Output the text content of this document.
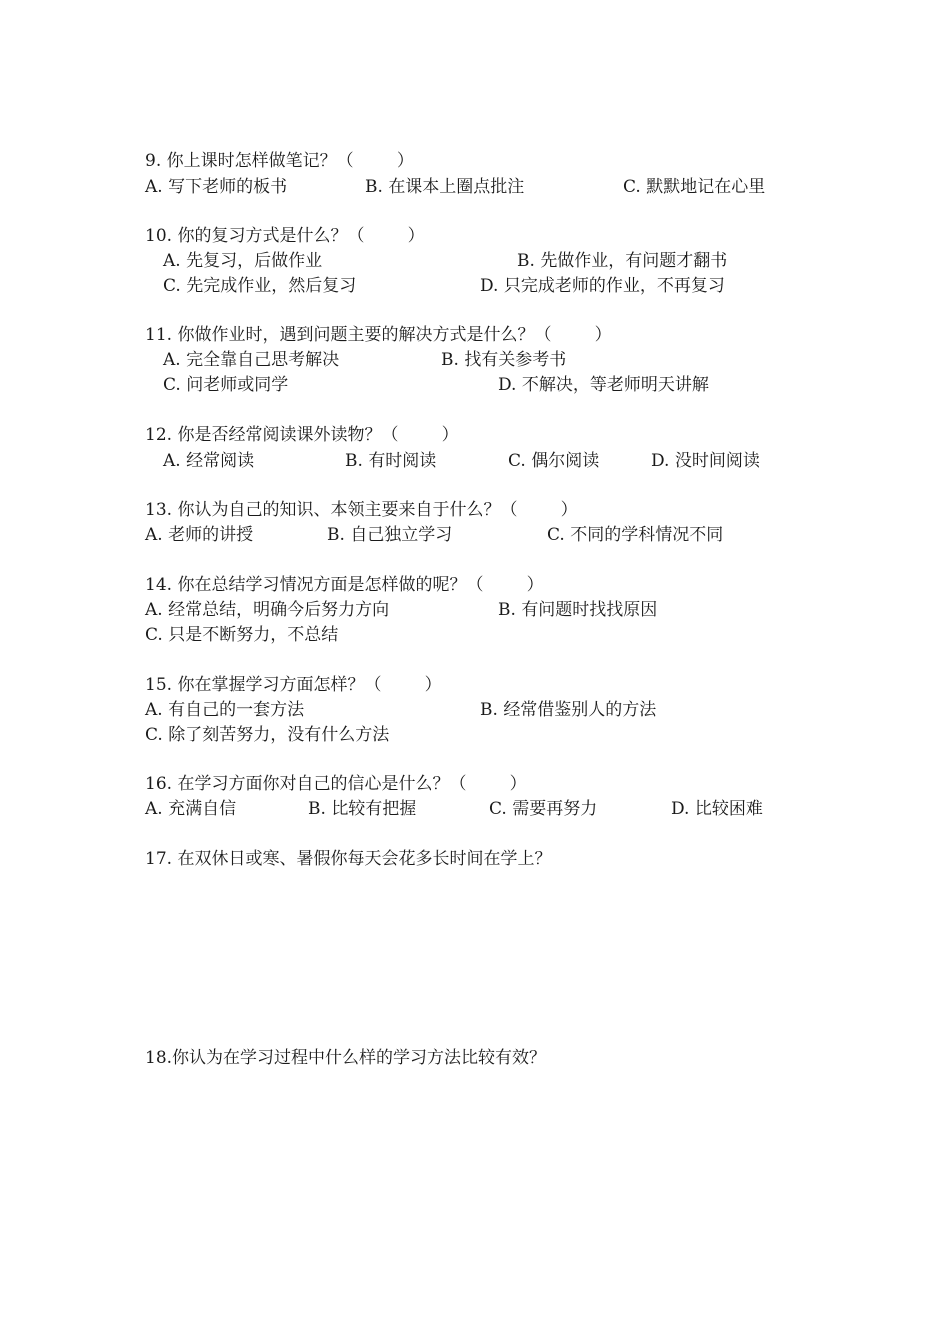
9. 你上课时怎样做笔记？（        ）

A. 写下老师的板书	B. 在课本上圈点批注	C. 默默地记在心里

10. 你的复习方式是什么？（        ）

A. 先复习，后做作业	B. 先做作业，有问题才翻书

C. 先完成作业，然后复习	D. 只完成老师的作业，不再复习

11. 你做作业时，遇到问题主要的解决方式是什么？（        ）

A. 完全靠自己思考解决	B. 找有关参考书

C. 问老师或同学	D. 不解决，等老师明天讲解

12. 你是否经常阅读课外读物？（        ）

A. 经常阅读	B. 有时阅读	C. 偶尔阅读	D. 没时间阅读

13. 你认为自己的知识、本领主要来自于什么？（        ）

A. 老师的讲授	B. 自己独立学习	C. 不同的学科情况不同

14. 你在总结学习情况方面是怎样做的呢？（        ）

A. 经常总结，明确今后努力方向	B. 有问题时找找原因

C. 只是不断努力，不总结

15. 你在掌握学习方面怎样？（        ）

A. 有自己的一套方法	B. 经常借鉴别人的方法

C. 除了刻苦努力，没有什么方法

16. 在学习方面你对自己的信心是什么？（        ）

A. 充满自信	B. 比较有把握	C. 需要再努力	D. 比较困难

17. 在双休日或寒、暑假你每天会花多长时间在学上？

18.你认为在学习过程中什么样的学习方法比较有效？
